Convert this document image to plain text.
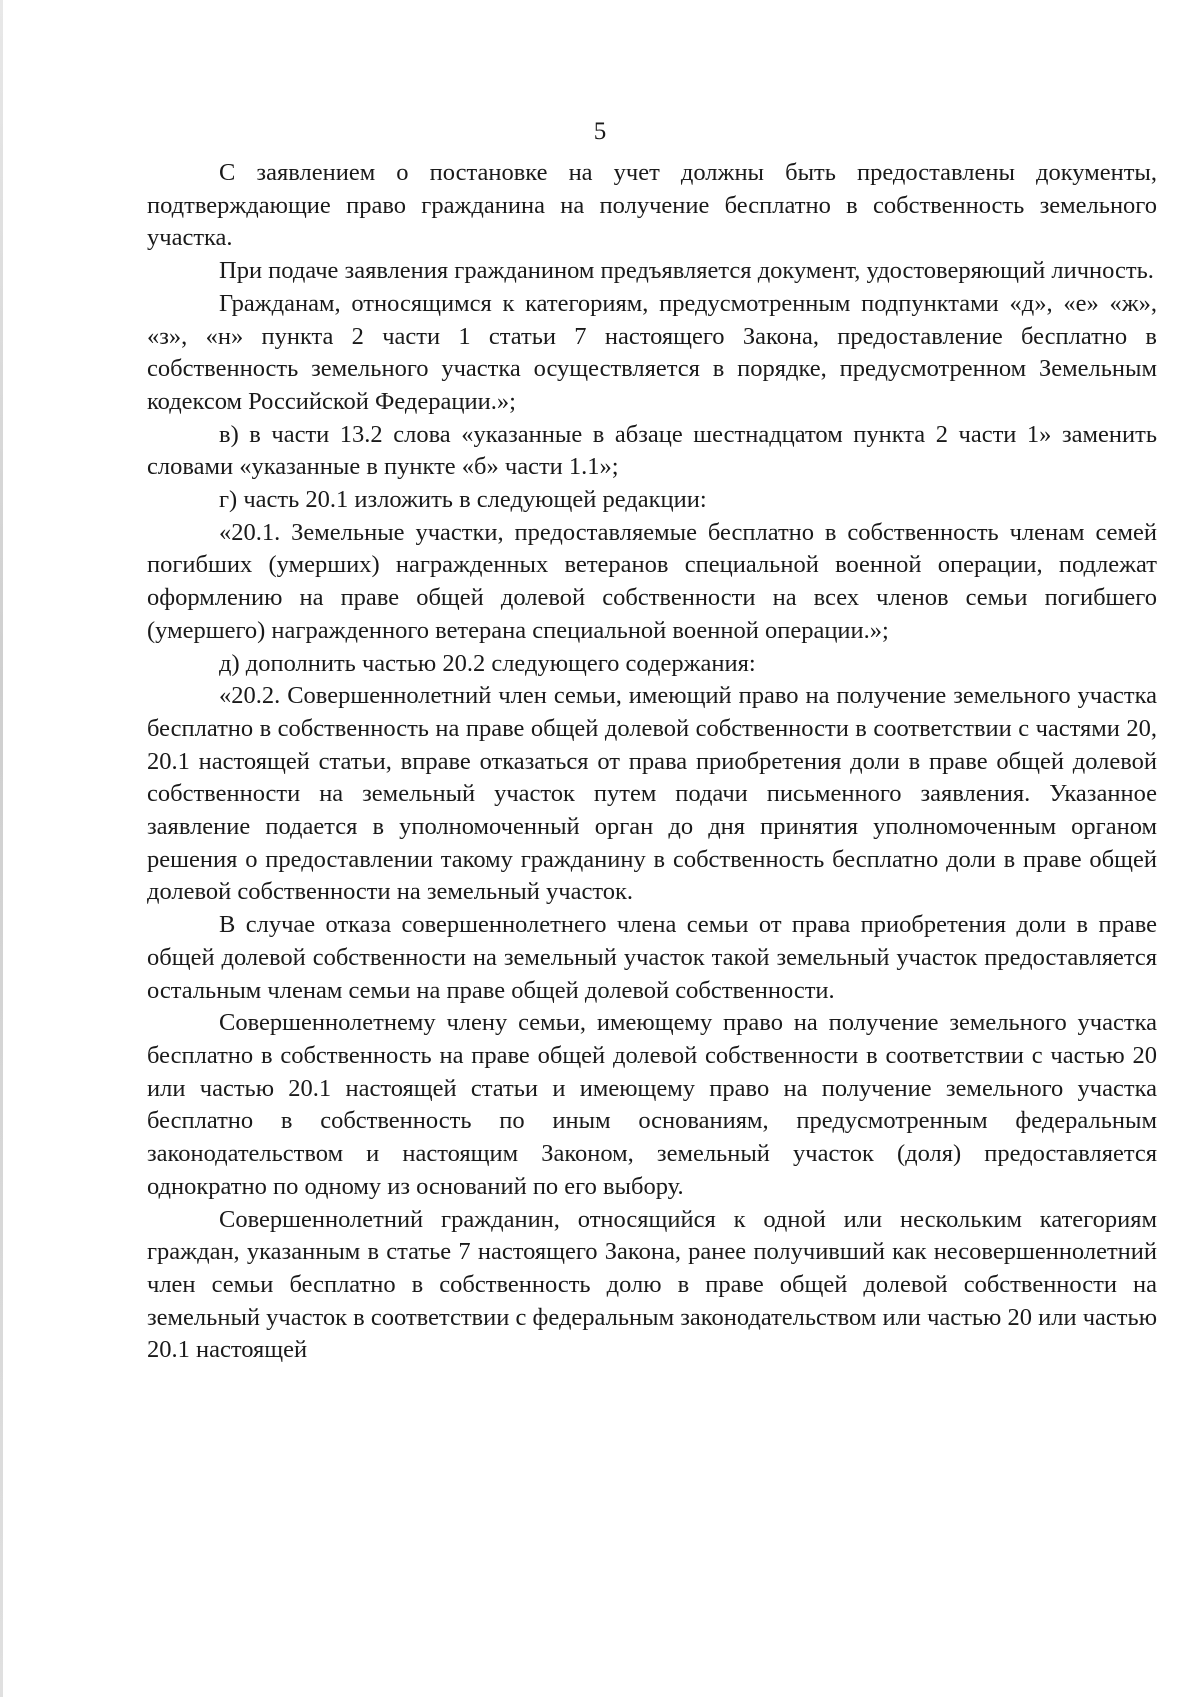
5

С заявлением о постановке на учет должны быть предоставлены документы, подтверждающие право гражданина на получение бесплатно в собственность земельного участка.

При подаче заявления гражданином предъявляется документ, удостоверяющий личность.

Гражданам, относящимся к категориям, предусмотренным подпунктами «д», «е» «ж», «з», «н» пункта 2 части 1 статьи 7 настоящего Закона, предоставление бесплатно в собственность земельного участка осуществляется в порядке, предусмотренном Земельным кодексом Российской Федерации.»;

в) в части 13.2 слова «указанные в абзаце шестнадцатом пункта 2 части 1» заменить словами «указанные в пункте «б» части 1.1»;

г) часть 20.1 изложить в следующей редакции:

«20.1. Земельные участки, предоставляемые бесплатно в собственность членам семей погибших (умерших) награжденных ветеранов специальной военной операции, подлежат оформлению на праве общей долевой собственности на всех членов семьи погибшего (умершего) награжденного ветерана специальной военной операции.»;

д) дополнить частью 20.2 следующего содержания:

«20.2. Совершеннолетний член семьи, имеющий право на получение земельного участка бесплатно в собственность на праве общей долевой собственности в соответствии с частями 20, 20.1 настоящей статьи, вправе отказаться от права приобретения доли в праве общей долевой собственности на земельный участок путем подачи письменного заявления. Указанное заявление подается в уполномоченный орган до дня принятия уполномоченным органом решения о предоставлении такому гражданину в собственность бесплатно доли в праве общей долевой собственности на земельный участок.

В случае отказа совершеннолетнего члена семьи от права приобретения доли в праве общей долевой собственности на земельный участок такой земельный участок предоставляется остальным членам семьи на праве общей долевой собственности.

Совершеннолетнему члену семьи, имеющему право на получение земельного участка бесплатно в собственность на праве общей долевой собственности в соответствии с частью 20 или частью 20.1 настоящей статьи и имеющему право на получение земельного участка бесплатно в собственность по иным основаниям, предусмотренным федеральным законодательством и настоящим Законом, земельный участок (доля) предоставляется однократно по одному из оснований по его выбору.

Совершеннолетний гражданин, относящийся к одной или нескольким категориям граждан, указанным в статье 7 настоящего Закона, ранее получивший как несовершеннолетний член семьи бесплатно в собственность долю в праве общей долевой собственности на земельный участок в соответствии с федеральным законодательством или частью 20 или частью 20.1 настоящей
